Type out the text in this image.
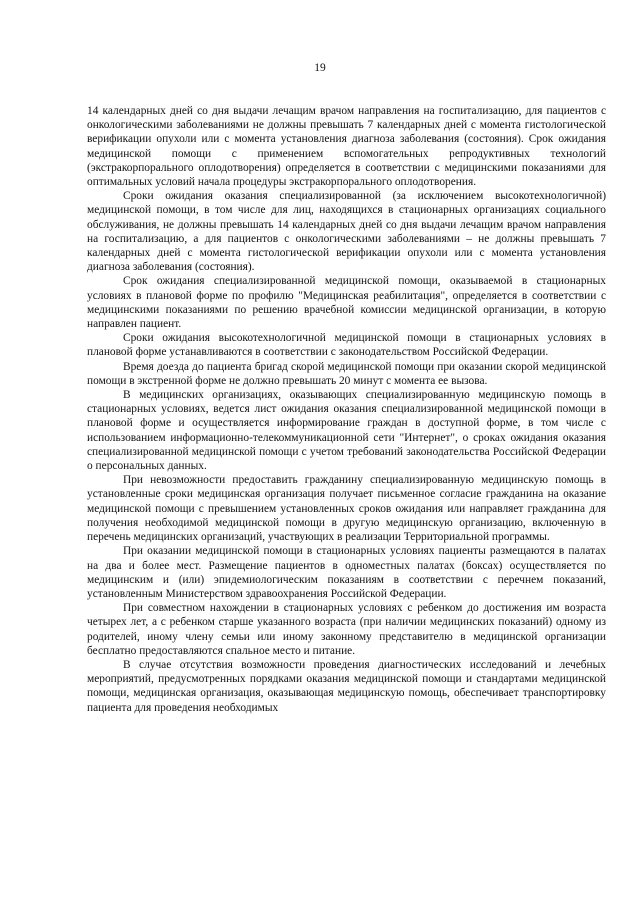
19

14 календарных дней со дня выдачи лечащим врачом направления на госпитализацию, для пациентов с онкологическими заболеваниями не должны превышать 7 календарных дней с момента гистологической верификации опухоли или с момента установления диагноза заболевания (состояния). Срок ожидания медицинской помощи с применением вспомогательных репродуктивных технологий (экстракорпорального оплодотворения) определяется в соответствии с медицинскими показаниями для оптимальных условий начала процедуры экстракорпорального оплодотворения.

Сроки ожидания оказания специализированной (за исключением высокотехнологичной) медицинской помощи, в том числе для лиц, находящихся в стационарных организациях социального обслуживания, не должны превышать 14 календарных дней со дня выдачи лечащим врачом направления на госпитализацию, а для пациентов с онкологическими заболеваниями – не должны превышать 7 календарных дней с момента гистологической верификации опухоли или с момента установления диагноза заболевания (состояния).

Срок ожидания специализированной медицинской помощи, оказываемой в стационарных условиях в плановой форме по профилю "Медицинская реабилитация", определяется в соответствии с медицинскими показаниями по решению врачебной комиссии медицинской организации, в которую направлен пациент.

Сроки ожидания высокотехнологичной медицинской помощи в стационарных условиях в плановой форме устанавливаются в соответствии с законодательством Российской Федерации.

Время доезда до пациента бригад скорой медицинской помощи при оказании скорой медицинской помощи в экстренной форме не должно превышать 20 минут с момента ее вызова.

В медицинских организациях, оказывающих специализированную медицинскую помощь в стационарных условиях, ведется лист ожидания оказания специализированной медицинской помощи в плановой форме и осуществляется информирование граждан в доступной форме, в том числе с использованием информационно-телекоммуникационной сети "Интернет", о сроках ожидания оказания специализированной медицинской помощи с учетом требований законодательства Российской Федерации о персональных данных.

При невозможности предоставить гражданину специализированную медицинскую помощь в установленные сроки медицинская организация получает письменное согласие гражданина на оказание медицинской помощи с превышением установленных сроков ожидания или направляет гражданина для получения необходимой медицинской помощи в другую медицинскую организацию, включенную в перечень медицинских организаций, участвующих в реализации Территориальной программы.

При оказании медицинской помощи в стационарных условиях пациенты размещаются в палатах на два и более мест. Размещение пациентов в одноместных палатах (боксах) осуществляется по медицинским и (или) эпидемиологическим показаниям в соответствии с перечнем показаний, установленным Министерством здравоохранения Российской Федерации.

При совместном нахождении в стационарных условиях с ребенком до достижения им возраста четырех лет, а с ребенком старше указанного возраста (при наличии медицинских показаний) одному из родителей, иному члену семьи или иному законному представителю в медицинской организации бесплатно предоставляются спальное место и питание.

В случае отсутствия возможности проведения диагностических исследований и лечебных мероприятий, предусмотренных порядками оказания медицинской помощи и стандартами медицинской помощи, медицинская организация, оказывающая медицинскую помощь, обеспечивает транспортировку пациента для проведения необходимых
